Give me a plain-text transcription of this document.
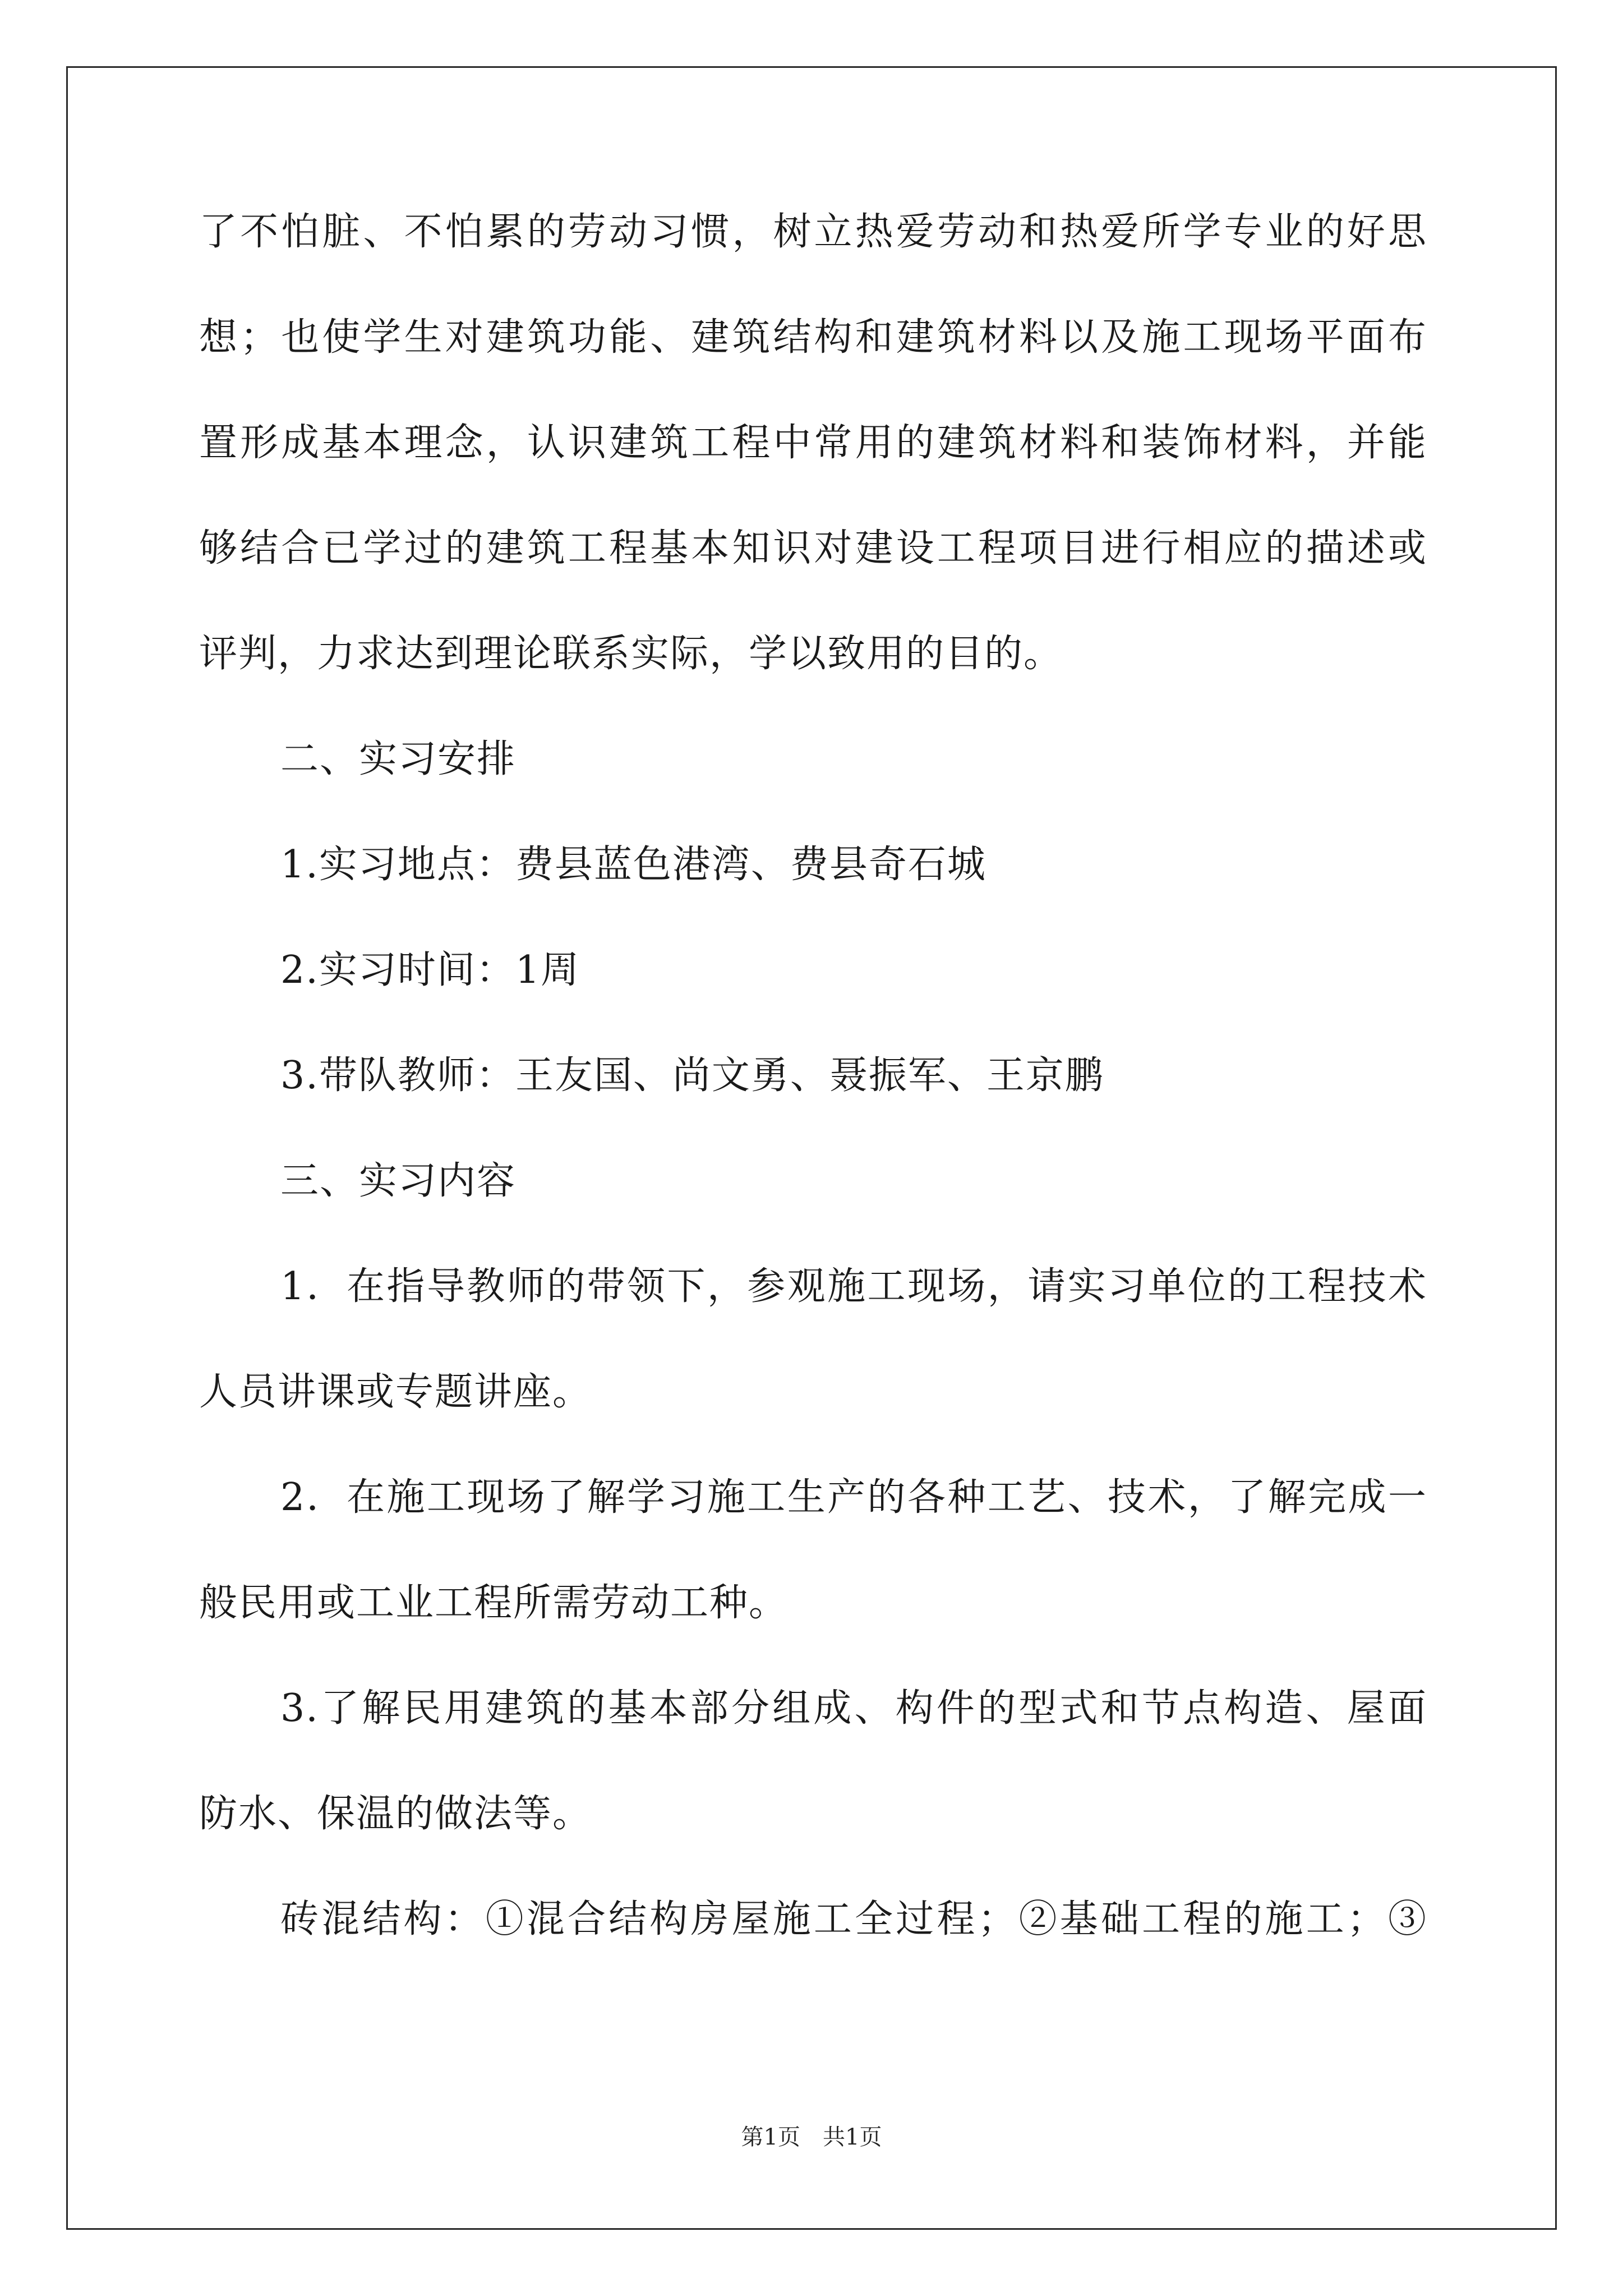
了不怕脏、不怕累的劳动习惯，树立热爱劳动和热爱所学专业的好思
想；也使学生对建筑功能、建筑结构和建筑材料以及施工现场平面布
置形成基本理念，认识建筑工程中常用的建筑材料和装饰材料，并能
够结合已学过的建筑工程基本知识对建设工程项目进行相应的描述或
评判，力求达到理论联系实际，学以致用的目的。
二、实习安排
1.实习地点：费县蓝色港湾、费县奇石城
2.实习时间：1周
3.带队教师：王友国、尚文勇、聂振军、王京鹏
三、实习内容
1．在指导教师的带领下，参观施工现场，请实习单位的工程技术
人员讲课或专题讲座。
2．在施工现场了解学习施工生产的各种工艺、技术，了解完成一
般民用或工业工程所需劳动工种。
3.了解民用建筑的基本部分组成、构件的型式和节点构造、屋面
防水、保温的做法等。
砖混结构：①混合结构房屋施工全过程；②基础工程的施工；③
第1页　共1页
